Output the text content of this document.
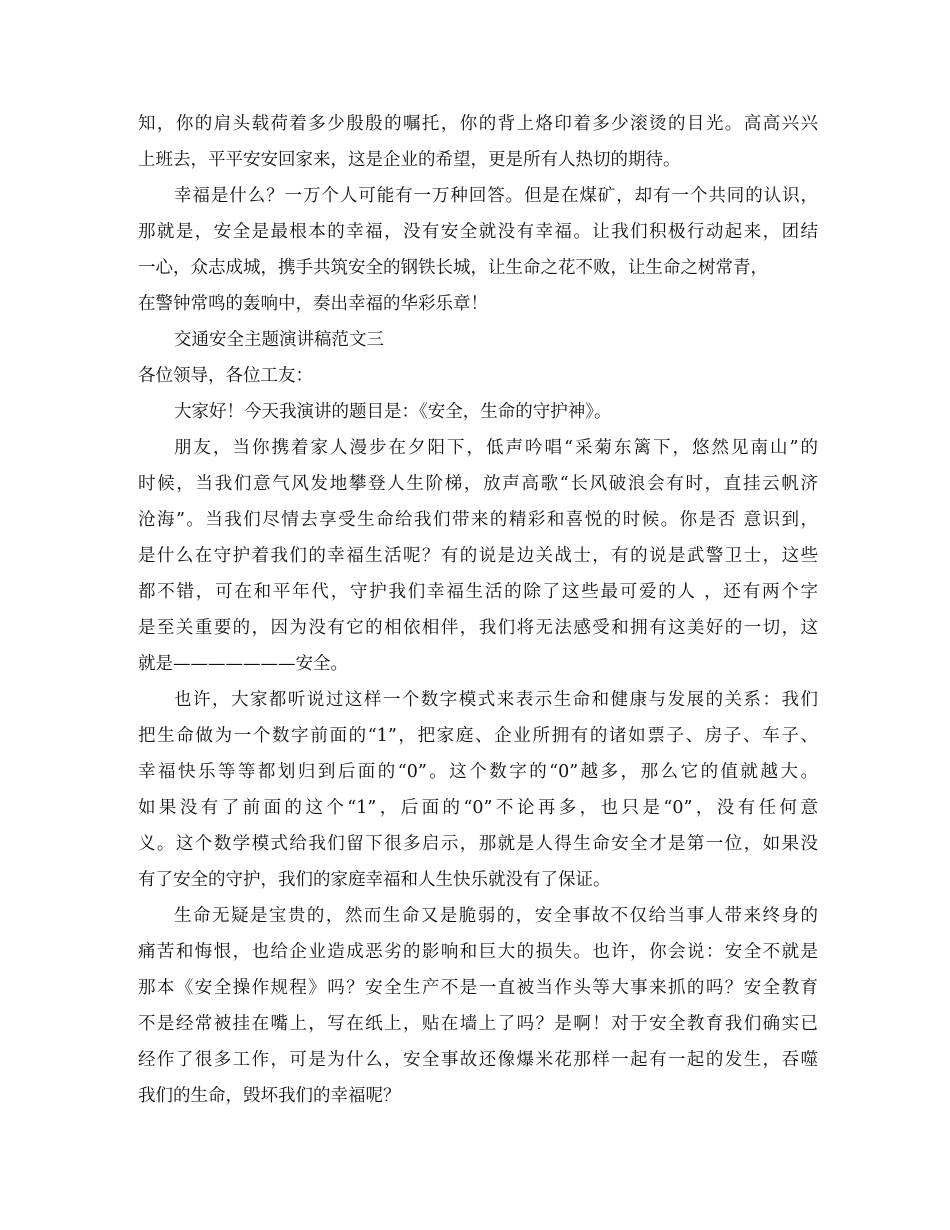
知，你的肩头载荷着多少殷殷的嘱托，你的背上烙印着多少滚烫的目光。高高兴兴
上班去，平平安安回家来，这是企业的希望，更是所有人热切的期待。
幸福是什么？一万个人可能有一万种回答。但是在煤矿，却有一个共同的认识，
那就是，安全是最根本的幸福，没有安全就没有幸福。让我们积极行动起来，团结
一心，众志成城，携手共筑安全的钢铁长城，让生命之花不败，让生命之树常青，
在警钟常鸣的轰响中，奏出幸福的华彩乐章！
交通安全主题演讲稿范文三
各位领导，各位工友：
大家好！今天我演讲的题目是：《安全，生命的守护神》。
朋友，当你携着家人漫步在夕阳下，低声吟唱“采菊东篱下，悠然见南山”的
时候，当我们意气风发地攀登人生阶梯，放声高歌“长风破浪会有时，直挂云帆济
沧海”。当我们尽情去享受生命给我们带来的精彩和喜悦的时候。你是否 意识到，
是什么在守护着我们的幸福生活呢？有的说是边关战士，有的说是武警卫士，这些
都不错，可在和平年代，守护我们幸福生活的除了这些最可爱的人 ，还有两个字
是至关重要的，因为没有它的相依相伴，我们将无法感受和拥有这美好的一切，这
就是———————安全。
也许，大家都听说过这样一个数字模式来表示生命和健康与发展的关系：我们
把生命做为一个数字前面的“1”，把家庭、企业所拥有的诸如票子、房子、车子、
幸福快乐等等都划归到后面的“0”。这个数字的“0”越多，那么它的值就越大。
如果没有了前面的这个“1”，后面的“0”不论再多，也只是“0”，没有任何意
义。这个数学模式给我们留下很多启示，那就是人得生命安全才是第一位，如果没
有了安全的守护，我们的家庭幸福和人生快乐就没有了保证。
生命无疑是宝贵的，然而生命又是脆弱的，安全事故不仅给当事人带来终身的
痛苦和悔恨，也给企业造成恶劣的影响和巨大的损失。也许，你会说：安全不就是
那本《安全操作规程》吗？安全生产不是一直被当作头等大事来抓的吗？安全教育
不是经常被挂在嘴上，写在纸上，贴在墙上了吗？是啊！对于安全教育我们确实已
经作了很多工作，可是为什么，安全事故还像爆米花那样一起有一起的发生，吞噬
我们的生命，毁坏我们的幸福呢？
